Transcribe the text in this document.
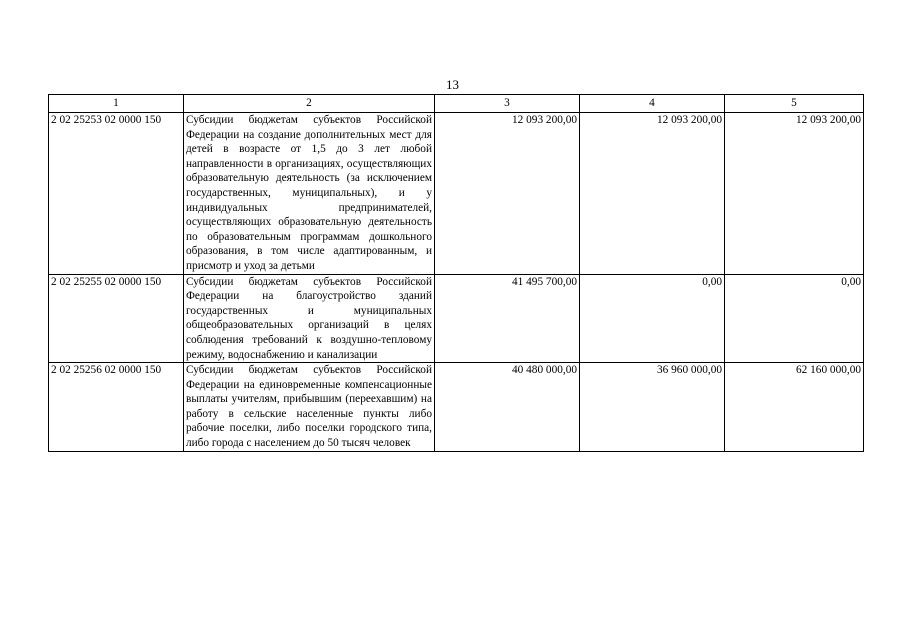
13
1	2	3	4	5
2 02 25253 02 0000 150	Субсидии бюджетам субъектов Российской Федерации на создание дополнительных мест для детей в возрасте от 1,5 до 3 лет любой направленности в организациях, осуществляющих образовательную деятельность (за исключением государственных, муниципальных), и у индивидуальных предпринимателей, осуществляющих образовательную деятельность по образовательным программам дошкольного образования, в том числе адаптированным, и присмотр и уход за детьми	12 093 200,00	12 093 200,00	12 093 200,00
2 02 25255 02 0000 150	Субсидии бюджетам субъектов Российской Федерации на благоустройство зданий государственных и муниципальных общеобразовательных организаций в целях соблюдения требований к воздушно-тепловому режиму, водоснабжению и канализации	41 495 700,00	0,00	0,00
2 02 25256 02 0000 150	Субсидии бюджетам субъектов Российской Федерации на единовременные компенсационные выплаты учителям, прибывшим (переехавшим) на работу в сельские населенные пункты либо рабочие поселки, либо поселки городского типа, либо города с населением до 50 тысяч человек	40 480 000,00	36 960 000,00	62 160 000,00
